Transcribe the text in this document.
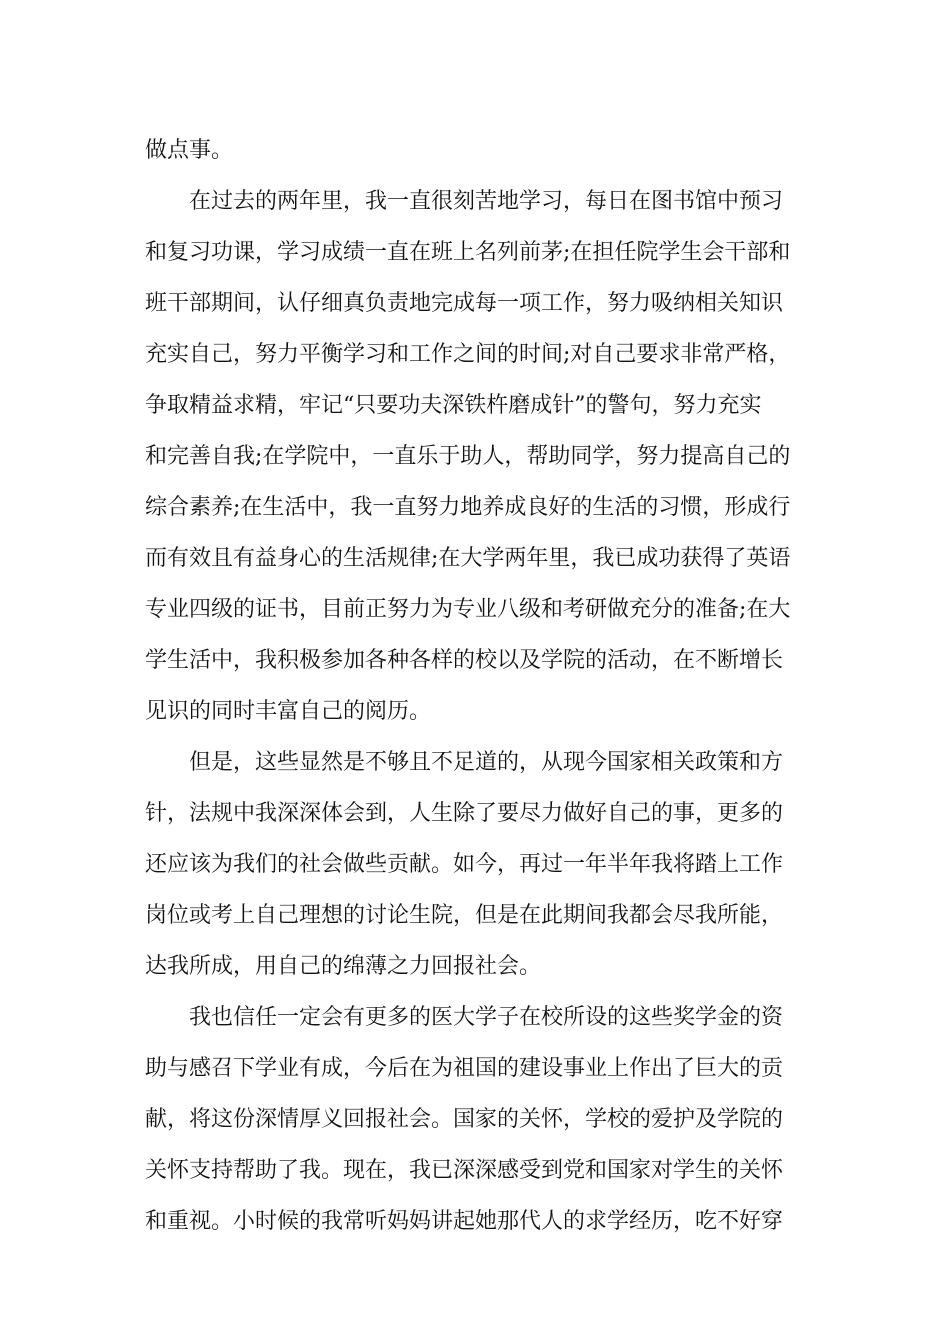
做点事。
在过去的两年里，我一直很刻苦地学习，每日在图书馆中预习
和复习功课，学习成绩一直在班上名列前茅;在担任院学生会干部和
班干部期间，认仔细真负责地完成每一项工作，努力吸纳相关知识
充实自己，努力平衡学习和工作之间的时间;对自己要求非常严格，
争取精益求精，牢记“只要功夫深铁杵磨成针”的警句，努力充实
和完善自我;在学院中，一直乐于助人，帮助同学，努力提高自己的
综合素养;在生活中，我一直努力地养成良好的生活的习惯，形成行
而有效且有益身心的生活规律;在大学两年里，我已成功获得了英语
专业四级的证书，目前正努力为专业八级和考研做充分的准备;在大
学生活中，我积极参加各种各样的校以及学院的活动，在不断增长
见识的同时丰富自己的阅历。
但是，这些显然是不够且不足道的，从现今国家相关政策和方
针，法规中我深深体会到，人生除了要尽力做好自己的事，更多的
还应该为我们的社会做些贡献。如今，再过一年半年我将踏上工作
岗位或考上自己理想的讨论生院，但是在此期间我都会尽我所能，
达我所成，用自己的绵薄之力回报社会。
我也信任一定会有更多的医大学子在校所设的这些奖学金的资
助与感召下学业有成，今后在为祖国的建设事业上作出了巨大的贡
献，将这份深情厚义回报社会。国家的关怀，学校的爱护及学院的
关怀支持帮助了我。现在，我已深深感受到党和国家对学生的关怀
和重视。小时候的我常听妈妈讲起她那代人的求学经历，吃不好穿
